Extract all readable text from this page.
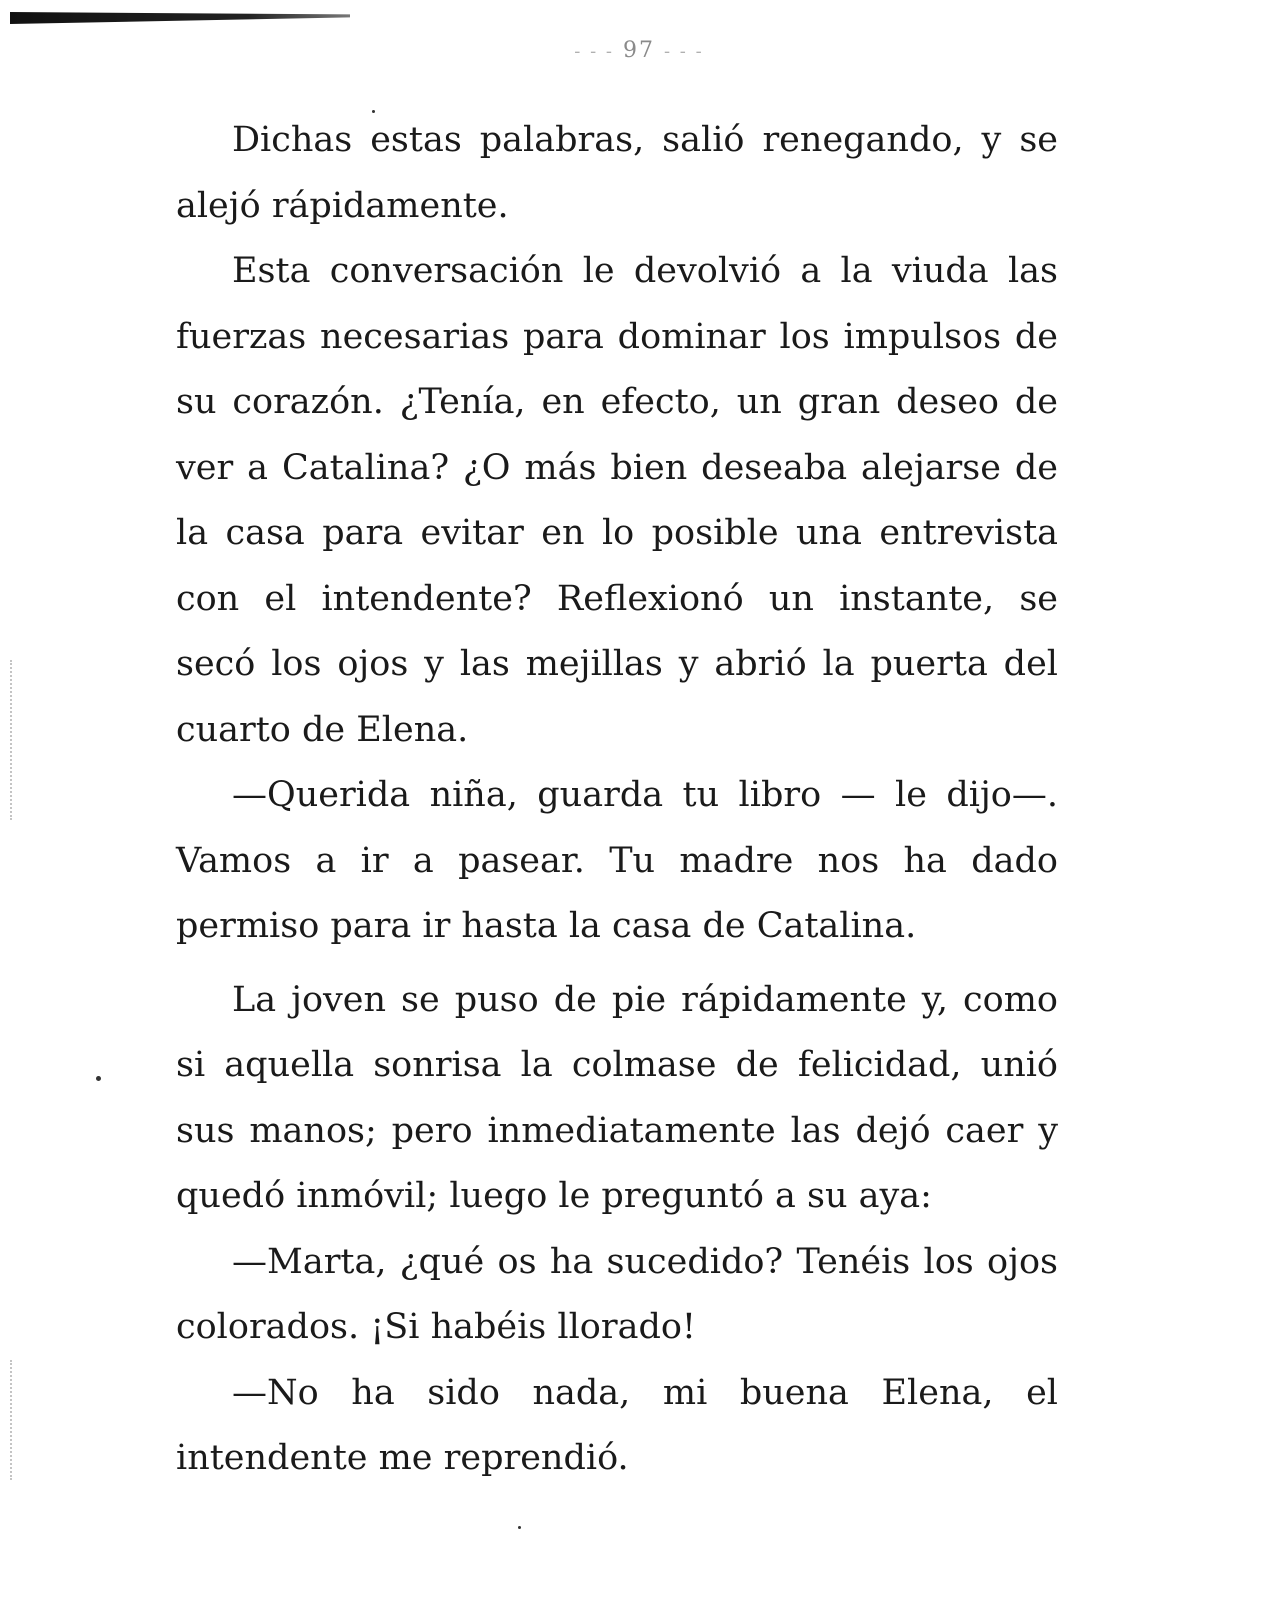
- - - 97 - - -

Dichas estas palabras, salió renegando, y se alejó rápidamente.

Esta conversación le devolvió a la viuda las fuerzas necesarias para dominar los impulsos de su corazón. ¿Tenía, en efecto, un gran deseo de ver a Catalina? ¿O más bien deseaba alejarse de la casa para evitar en lo posible una entrevista con el intendente? Reflexionó un instante, se secó los ojos y las mejillas y abrió la puerta del cuarto de Elena.

—Querida niña, guarda tu libro — le dijo—. Vamos a ir a pasear. Tu madre nos ha dado permiso para ir hasta la casa de Catalina.

La joven se puso de pie rápidamente y, como si aquella sonrisa la colmase de felicidad, unió sus manos; pero inmediatamente las dejó caer y quedó inmóvil; luego le preguntó a su aya:

—Marta, ¿qué os ha sucedido? Tenéis los ojos colorados. ¡Si habéis llorado!

—No ha sido nada, mi buena Elena, el intendente me reprendió.
